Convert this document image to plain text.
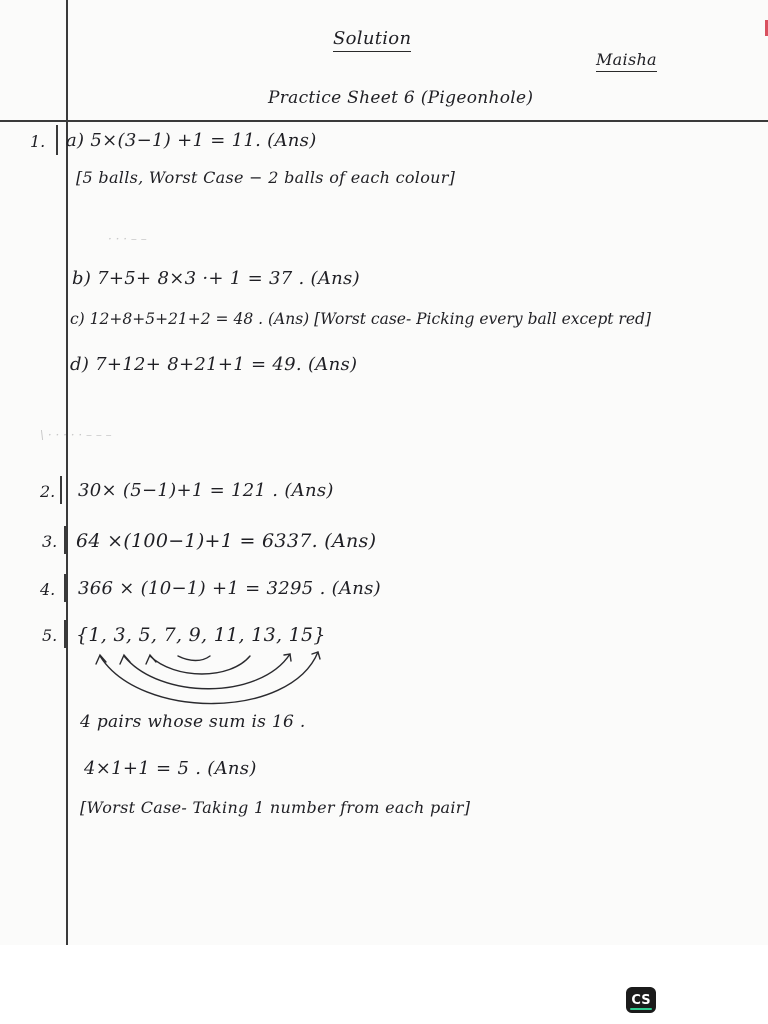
Solution
Maisha
Practice Sheet 6 (Pigeonhole)
1. a) 5×(3−1) +1 = 11. (Ans)
[5 balls, Worst Case − 2 balls of each colour]
· · · – –
b) 7+5+ 8×3 ·+ 1 = 37 . (Ans)
c) 12+8+5+21+2 = 48 . (Ans) [Worst case- Picking every ball except red]
d) 7+12+ 8+21+1 = 49. (Ans)
\ · · · · · – – –
2. 30× (5−1)+1 = 121 . (Ans)
3. 64 ×(100−1)+1 = 6337. (Ans)
4. 366 × (10−1) +1 = 3295 . (Ans)
5. {1, 3, 5, 7, 9, 11, 13, 15}
4 pairs whose sum is 16 .
4×1+1 = 5 . (Ans)
[Worst Case- Taking 1 number from each pair]
CS
